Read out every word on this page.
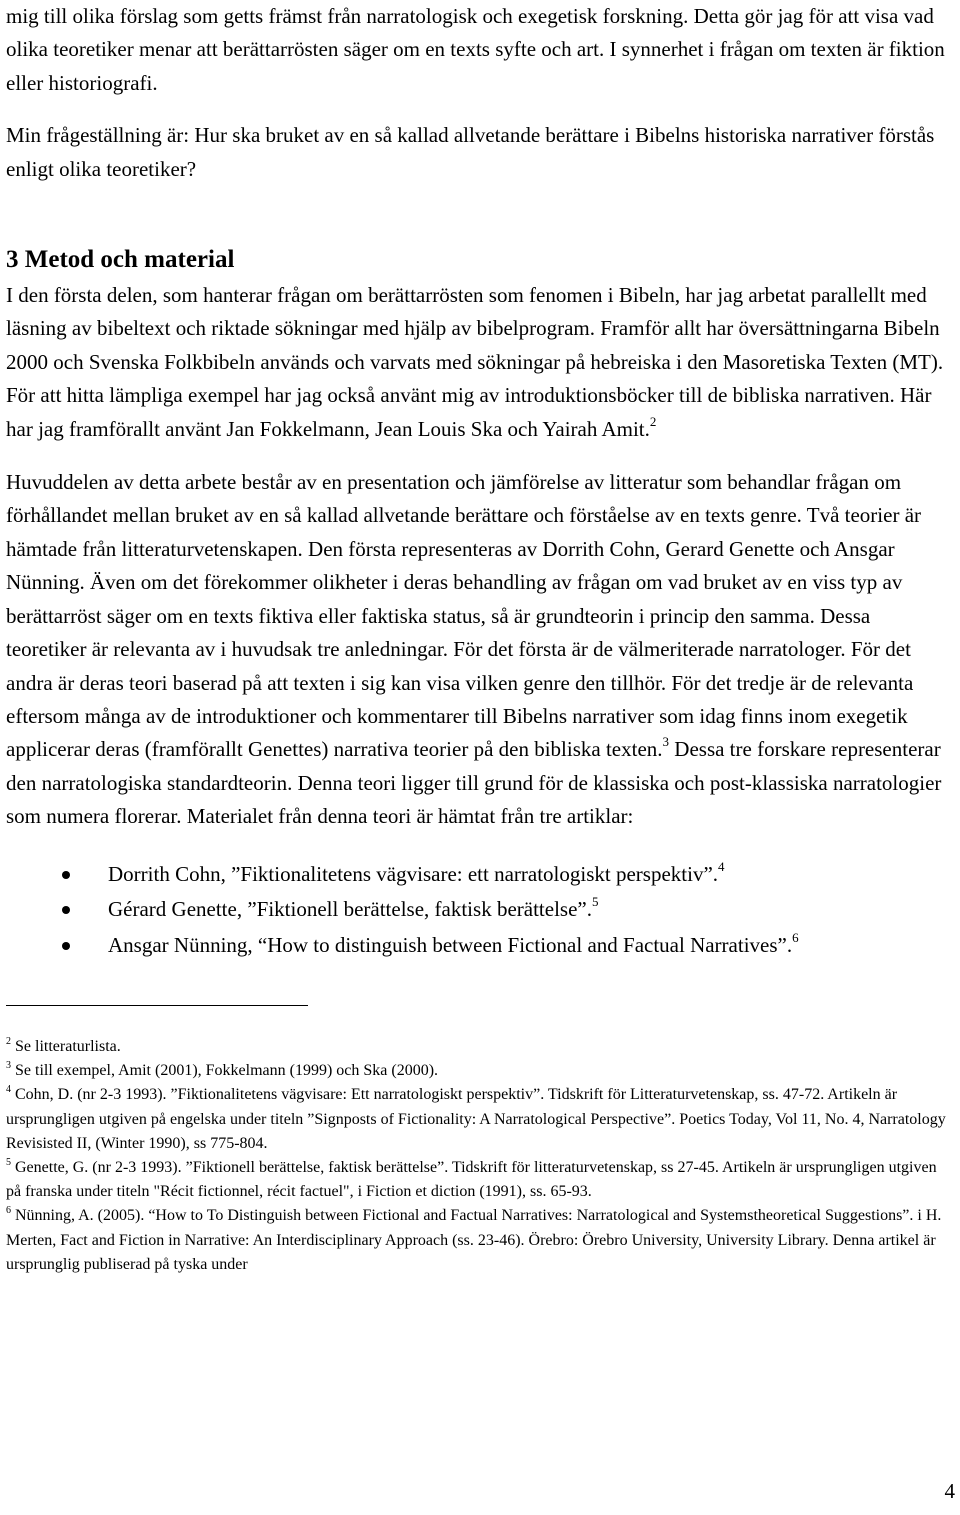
mig till olika förslag som getts främst från narratologisk och exegetisk forskning. Detta gör jag för att visa vad olika teoretiker menar att berättarrösten säger om en texts syfte och art. I synnerhet i frågan om texten är fiktion eller historiografi.

Min frågeställning är: Hur ska bruket av en så kallad allvetande berättare i Bibelns historiska narrativer förstås enligt olika teoretiker?

3 Metod och material

I den första delen, som hanterar frågan om berättarrösten som fenomen i Bibeln, har jag arbetat parallellt med läsning av bibeltext och riktade sökningar med hjälp av bibelprogram. Framför allt har översättningarna Bibeln 2000 och Svenska Folkbibeln används och varvats med sökningar på hebreiska i den Masoretiska Texten (MT). För att hitta lämpliga exempel har jag också använt mig av introduktionsböcker till de bibliska narrativen. Här har jag framförallt använt Jan Fokkelmann, Jean Louis Ska och Yairah Amit.$^2$

Huvuddelen av detta arbete består av en presentation och jämförelse av litteratur som behandlar frågan om förhållandet mellan bruket av en så kallad allvetande berättare och förståelse av en texts genre. Två teorier är hämtade från litteraturvetenskapen. Den första representeras av Dorrith Cohn, Gerard Genette och Ansgar Nünning. Även om det förekommer olikheter i deras behandling av frågan om vad bruket av en viss typ av berättarröst säger om en texts fiktiva eller faktiska status, så är grundteorin i princip den samma. Dessa teoretiker är relevanta av i huvudsak tre anledningar. För det första är de välmeriterade narratologer. För det andra är deras teori baserad på att texten i sig kan visa vilken genre den tillhör. För det tredje är de relevanta eftersom många av de introduktioner och kommentarer till Bibelns narrativer som idag finns inom exegetik applicerar deras (framförallt Genettes) narrativa teorier på den bibliska texten.$^3$ Dessa tre forskare representerar den narratologiska standardteorin. Denna teori ligger till grund för de klassiska och post-klassiska narratologier som numera florerar. Materialet från denna teori är hämtat från tre artiklar:

Dorrith Cohn, ”Fiktionalitetens vägvisare: ett narratologiskt perspektiv”.$^4$
Gérard Genette, ”Fiktionell berättelse, faktisk berättelse”.$^5$
Ansgar Nünning, “How to distinguish between Fictional and Factual Narratives”.$^6$

$^2$ Se litteraturlista.

$^3$ Se till exempel, Amit (2001), Fokkelmann (1999) och Ska (2000).

$^4$ Cohn, D. (nr 2-3 1993). ”Fiktionalitetens vägvisare: Ett narratologiskt perspektiv”. Tidskrift för Litteraturvetenskap, ss. 47-72. Artikeln är ursprungligen utgiven på engelska under titeln ”Signposts of Fictionality: A Narratological Perspective”. Poetics Today, Vol 11, No. 4, Narratology Revisisted II, (Winter 1990), ss 775-804.

$^5$ Genette, G. (nr 2-3 1993). ”Fiktionell berättelse, faktisk berättelse”. Tidskrift för litteraturvetenskap, ss 27-45. Artikeln är ursprungligen utgiven på franska under titeln "Récit fictionnel, récit factuel", i Fiction et diction (1991), ss. 65-93.

$^6$ Nünning, A. (2005). “How to To Distinguish between Fictional and Factual Narratives: Narratological and Systemstheoretical Suggestions”. i H. Merten, Fact and Fiction in Narrative: An Interdisciplinary Approach (ss. 23-46). Örebro: Örebro University, University Library. Denna artikel är ursprunglig publiserad på tyska under

4
